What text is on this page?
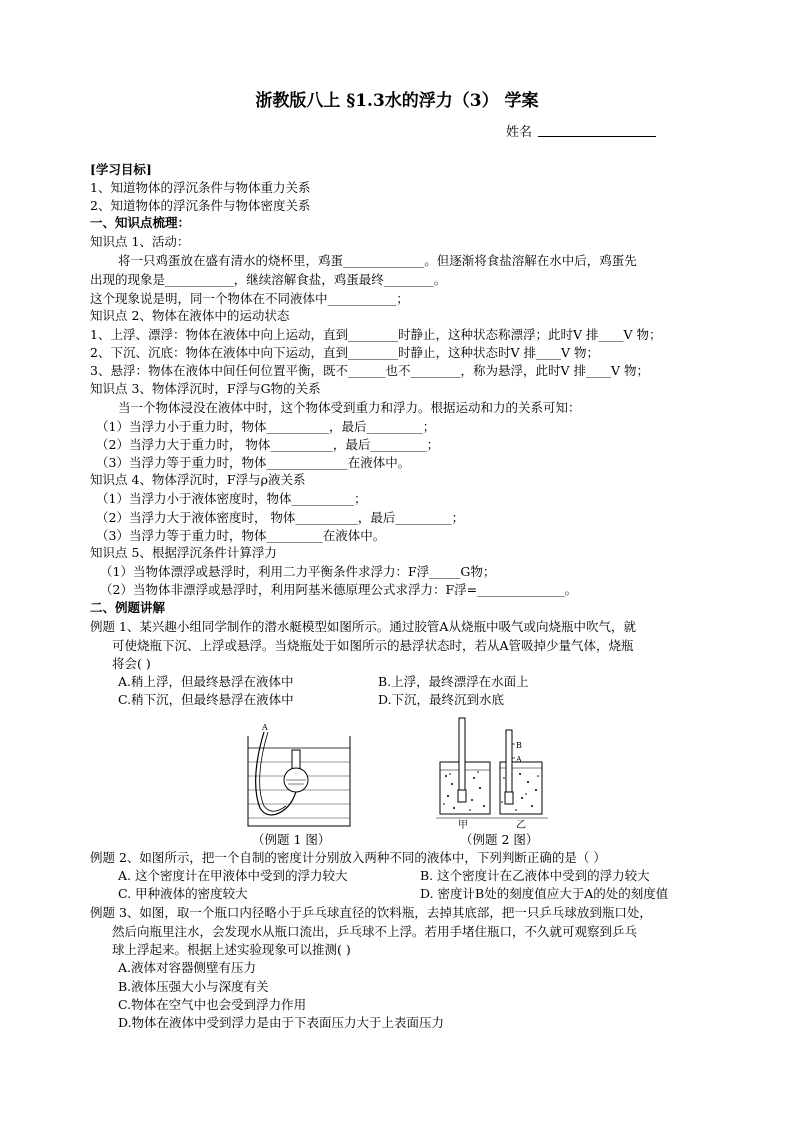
浙教版八上 §1.3水的浮力（3） 学案
姓名
[学习目标]
1、知道物体的浮沉条件与物体重力关系
2、知道物体的浮沉条件与物体密度关系
一、知识点梳理：
知识点 1、活动：
将一只鸡蛋放在盛有清水的烧杯里，鸡蛋_____________。但逐渐将食盐溶解在水中后，鸡蛋先
出现的现象是___________，继续溶解食盐，鸡蛋最终________。
这个现象说是明，同一个物体在不同液体中___________；
知识点 2、物体在液体中的运动状态
1、上浮、漂浮：物体在液体中向上运动，直到________时静止，这种状态称漂浮；此时V 排____V 物；
2、下沉、沉底：物体在液体中向下运动，直到________时静止，这种状态时V 排____V 物；
3、悬浮：物体在液体中间任何位置平衡，既不______也不________，称为悬浮，此时V 排____V 物；
知识点 3、物体浮沉时，F浮与G物的关系
当一个物体浸没在液体中时，这个物体受到重力和浮力。根据运动和力的关系可知：
（1）当浮力小于重力时，物体__________，最后_________；
（2）当浮力大于重力时， 物体__________，最后_________；
（3）当浮力等于重力时，物体_____________在液体中。
知识点 4、物体浮沉时，F浮与ρ液关系
（1）当浮力小于液体密度时，物体__________；
（2）当浮力大于液体密度时， 物体__________，最后_________；
（3）当浮力等于重力时，物体_________在液体中。
知识点 5、根据浮沉条件计算浮力
（1）当物体漂浮或悬浮时，利用二力平衡条件求浮力：F浮_____G物；
（2）当物体非漂浮或悬浮时，利用阿基米德原理公式求浮力：F浮=______________。
二、例题讲解
例题 1、某兴趣小组同学制作的潜水艇模型如图所示。通过胶管A从烧瓶中吸气或向烧瓶中吹气，就
可使烧瓶下沉、上浮或悬浮。当烧瓶处于如图所示的悬浮状态时，若从A管吸掉少量气体，烧瓶
将会( )
A.稍上浮，但最终悬浮在液体中	B.上浮，最终漂浮在水面上
C.稍下沉，但最终悬浮在液体中	D.下沉，最终沉到水底
例题 2、如图所示，把一个自制的密度计分别放入两种不同的液体中，下列判断正确的是（ ）
A. 这个密度计在甲液体中受到的浮力较大	B. 这个密度计在乙液体中受到的浮力较大
C. 甲种液体的密度较大	D. 密度计B处的刻度值应大于A的处的刻度值
例题 3、如图，取一个瓶口内径略小于乒乓球直径的饮料瓶，去掉其底部，把一只乒乓球放到瓶口处，
然后向瓶里注水，会发现水从瓶口流出，乒乓球不上浮。若用手堵住瓶口，不久就可观察到乒乓
球上浮起来。根据上述实验现象可以推测( )
A.液体对容器侧壁有压力
B.液体压强大小与深度有关
C.物体在空气中也会受到浮力作用
D.物体在液体中受到浮力是由于下表面压力大于上表面压力
A
（例题 1 图）
B
A
甲	乙
（例题 2 图）
